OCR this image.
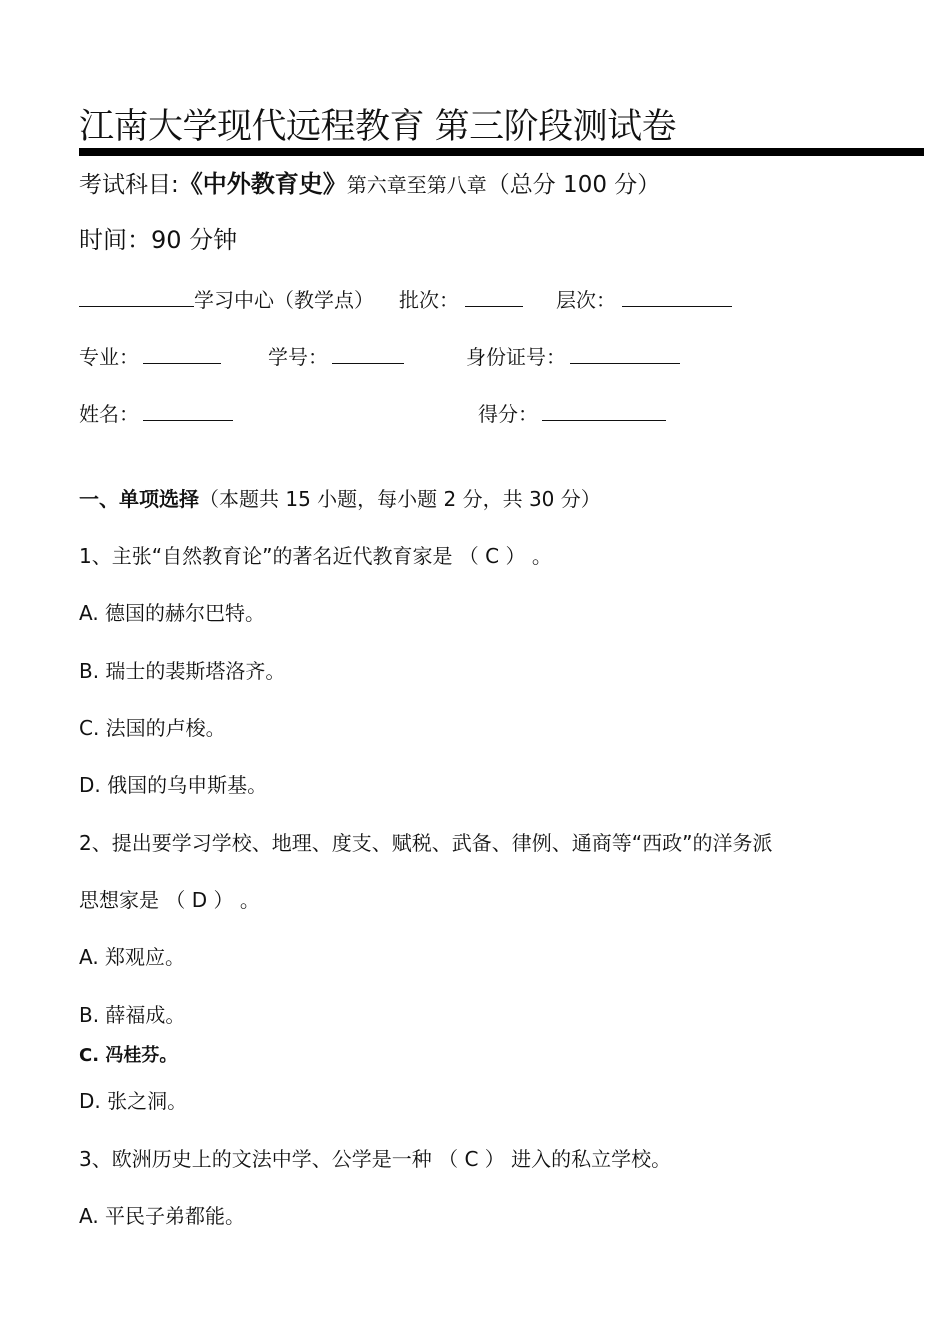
江南大学现代远程教育 第三阶段测试卷
考试科目:《中外教育史》第六章至第八章（总分 100 分）
时间：90 分钟
学习中心（教学点） 批次：	层次：
专业：	学号：	身份证号：
姓名：	得分：
一、单项选择（本题共 15 小题，每小题 2 分，共 30 分）
1、主张“自然教育论”的著名近代教育家是 （ C ） 。
A. 德国的赫尔巴特。
B. 瑞士的裴斯塔洛齐。
C. 法国的卢梭。
D. 俄国的乌申斯基。
2、提出要学习学校、地理、度支、赋税、武备、律例、通商等“西政”的洋务派
思想家是 （ D ） 。
A. 郑观应。
B. 薛福成。
C. 冯桂芬。
D. 张之洞。
3、欧洲历史上的文法中学、公学是一种 （ C ） 进入的私立学校。
A. 平民子弟都能。
